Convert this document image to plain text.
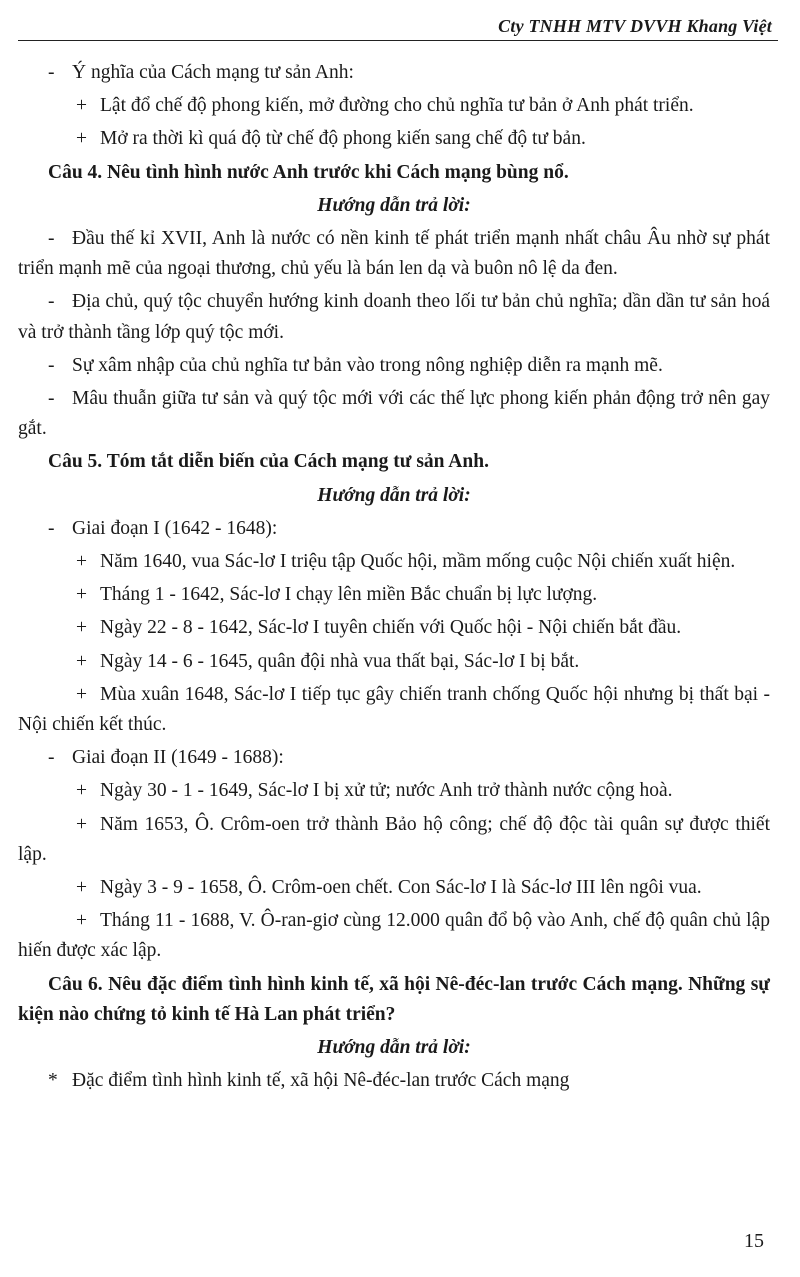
Cty TNHH MTV DVVH Khang Việt

- Ý nghĩa của Cách mạng tư sản Anh:

+ Lật đổ chế độ phong kiến, mở đường cho chủ nghĩa tư bản ở Anh phát triển.

+ Mở ra thời kì quá độ từ chế độ phong kiến sang chế độ tư bản.

Câu 4. Nêu tình hình nước Anh trước khi Cách mạng bùng nổ.

Hướng dẫn trả lời:

- Đầu thế kỉ XVII, Anh là nước có nền kinh tế phát triển mạnh nhất châu Âu nhờ sự phát triển mạnh mẽ của ngoại thương, chủ yếu là bán len dạ và buôn nô lệ da đen.

- Địa chủ, quý tộc chuyển hướng kinh doanh theo lối tư bản chủ nghĩa; dần dần tư sản hoá và trở thành tầng lớp quý tộc mới.

- Sự xâm nhập của chủ nghĩa tư bản vào trong nông nghiệp diễn ra mạnh mẽ.

- Mâu thuẫn giữa tư sản và quý tộc mới với các thế lực phong kiến phản động trở nên gay gắt.

Câu 5. Tóm tắt diễn biến của Cách mạng tư sản Anh.

Hướng dẫn trả lời:

- Giai đoạn I (1642 - 1648):

+ Năm 1640, vua Sác-lơ I triệu tập Quốc hội, mầm mống cuộc Nội chiến xuất hiện.

+ Tháng 1 - 1642, Sác-lơ I chạy lên miền Bắc chuẩn bị lực lượng.

+ Ngày 22 - 8 - 1642, Sác-lơ I tuyên chiến với Quốc hội - Nội chiến bắt đầu.

+ Ngày 14 - 6 - 1645, quân đội nhà vua thất bại, Sác-lơ I bị bắt.

+ Mùa xuân 1648, Sác-lơ I tiếp tục gây chiến tranh chống Quốc hội nhưng bị thất bại - Nội chiến kết thúc.

- Giai đoạn II (1649 - 1688):

+ Ngày 30 - 1 - 1649, Sác-lơ I bị xử tử; nước Anh trở thành nước cộng hoà.

+ Năm 1653, Ô. Crôm-oen trở thành Bảo hộ công; chế độ độc tài quân sự được thiết lập.

+ Ngày 3 - 9 - 1658, Ô. Crôm-oen chết. Con Sác-lơ I là Sác-lơ III lên ngôi vua.

+ Tháng 11 - 1688, V. Ô-ran-giơ cùng 12.000 quân đổ bộ vào Anh, chế độ quân chủ lập hiến được xác lập.

Câu 6. Nêu đặc điểm tình hình kinh tế, xã hội Nê-đéc-lan trước Cách mạng. Những sự kiện nào chứng tỏ kinh tế Hà Lan phát triển?

Hướng dẫn trả lời:

* Đặc điểm tình hình kinh tế, xã hội Nê-đéc-lan trước Cách mạng

15
